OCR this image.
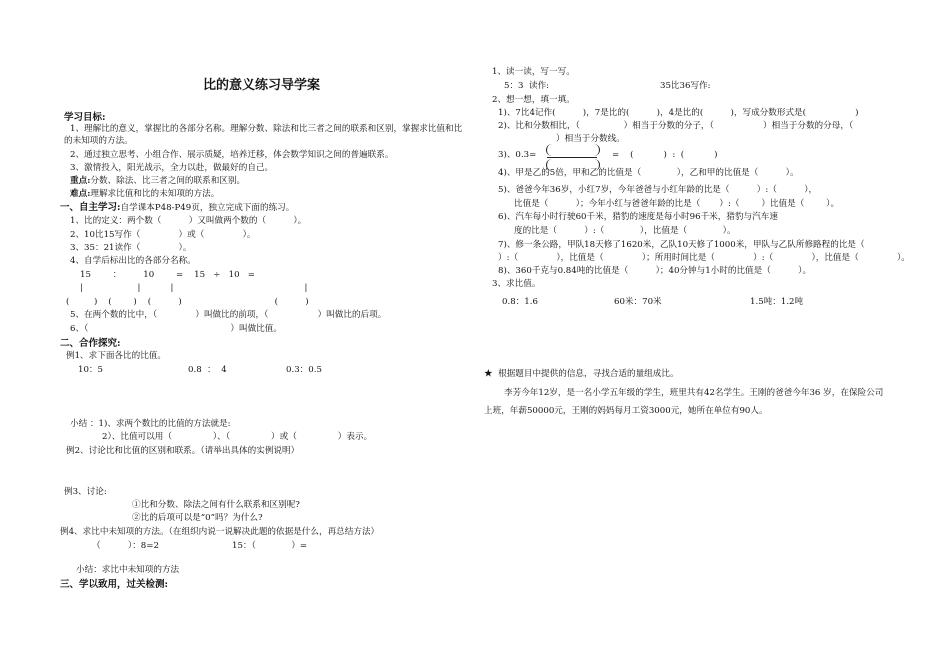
比的意义练习导学案
学习目标:
1、理解比的意义，掌握比的各部分名称。理解分数、除法和比三者之间的联系和区别，掌握求比值和比
的未知项的方法。
2、通过独立思考、小组合作、展示质疑，培养迁移，体会数学知识之间的普遍联系。
3、激情投入，阳光战示，全力以赴，做最好的自己。
重点:分数、除法、比三者之间的联系和区别。
难点:理解求比值和比的未知项的方法。
一、自主学习:自学课本P48-P49页，独立完成下面的练习。
1、比的定义：两个数（          ）又叫做两个数的（          ）。
2、10比15写作（              ）或（              ）。
3、35：21读作（              ）。
4、自学后标出比的各部分名称。
15        ：        10        =    15   ÷   10   =
|                    |           |                                                |
(         )    (        )    (          )                                  (          )
5、在两个数的比中，（              ）叫做比的前项，（                  ）叫做比的后项。
6、（                                                    ）叫做比值。
二、合作探究:
例1、求下面各比的比值。
10：5	0.8  ：  4	0.3：0.5
小结 ：1)、求两个数比的比值的方法就是:
2）、比值可以用（               ）、（               ）或（               ）表示。
例2、讨论比和比值的区别和联系。（请举出具体的实例说明）
例3、讨论:
①比和分数、除法之间有什么联系和区别呢?
②比的后项可以是“0”吗？为什么?
例4、求比中未知项的方法。（在组织内说一说解决此题的依据是什么，再总结方法）
（          ）：8=2	15：（             ）=
小结：求比中未知项的方法
三、学以致用，过关检测:
1、读一读，写一写。
5：3  读作:	35比36写作:
2、想一想，填一填。
1)、7比4记作(          )，7是比的(          )，4是比的(          )，写成分数形式是(                  )
2)、比和分数相比，（                ）相当于分数的分子，（                  ）相当于分数的分母，（
）相当于分数线。
3)、0.3=	=    (           )  :  (           )
4)、甲是乙的5倍，甲和乙的比值是（             ），乙和甲的比值是（          ）。
5)、爸爸今年36岁，小红7岁，今年爸爸与小红年龄的比是（          ）:（          ），
比值是（          ）；今年小红与爸爸年龄的比是（       ）:（        ）比值是（        ）。
6)、汽车每小时行驶60千米，猎豹的速度是每小时96千米，猎豹与汽车速
度的比是（          ）:（             ），比值是（             ）。
7)、修一条公路，甲队18天修了1620米，乙队10天修了1000米，甲队与乙队所修路程的比是（
）:（              ），比值是（              ）；所用时间比是（              ）:（              ），比值是（              ）。
8)、360千克与0.84吨的比值是（          ）；40分钟与1小时的比值是（          ）。
3、求比值。
0.8：1.6	60米：70米	1.5吨：1.2吨
★ 根据题目中提供的信息，寻找合适的量组成比。
李芳今年12岁，是一名小学五年级的学生，班里共有42名学生。王刚的爸爸今年36 岁，在保险公司
上班，年薪50000元，王刚的妈妈每月工资3000元，她所在单位有90人。
